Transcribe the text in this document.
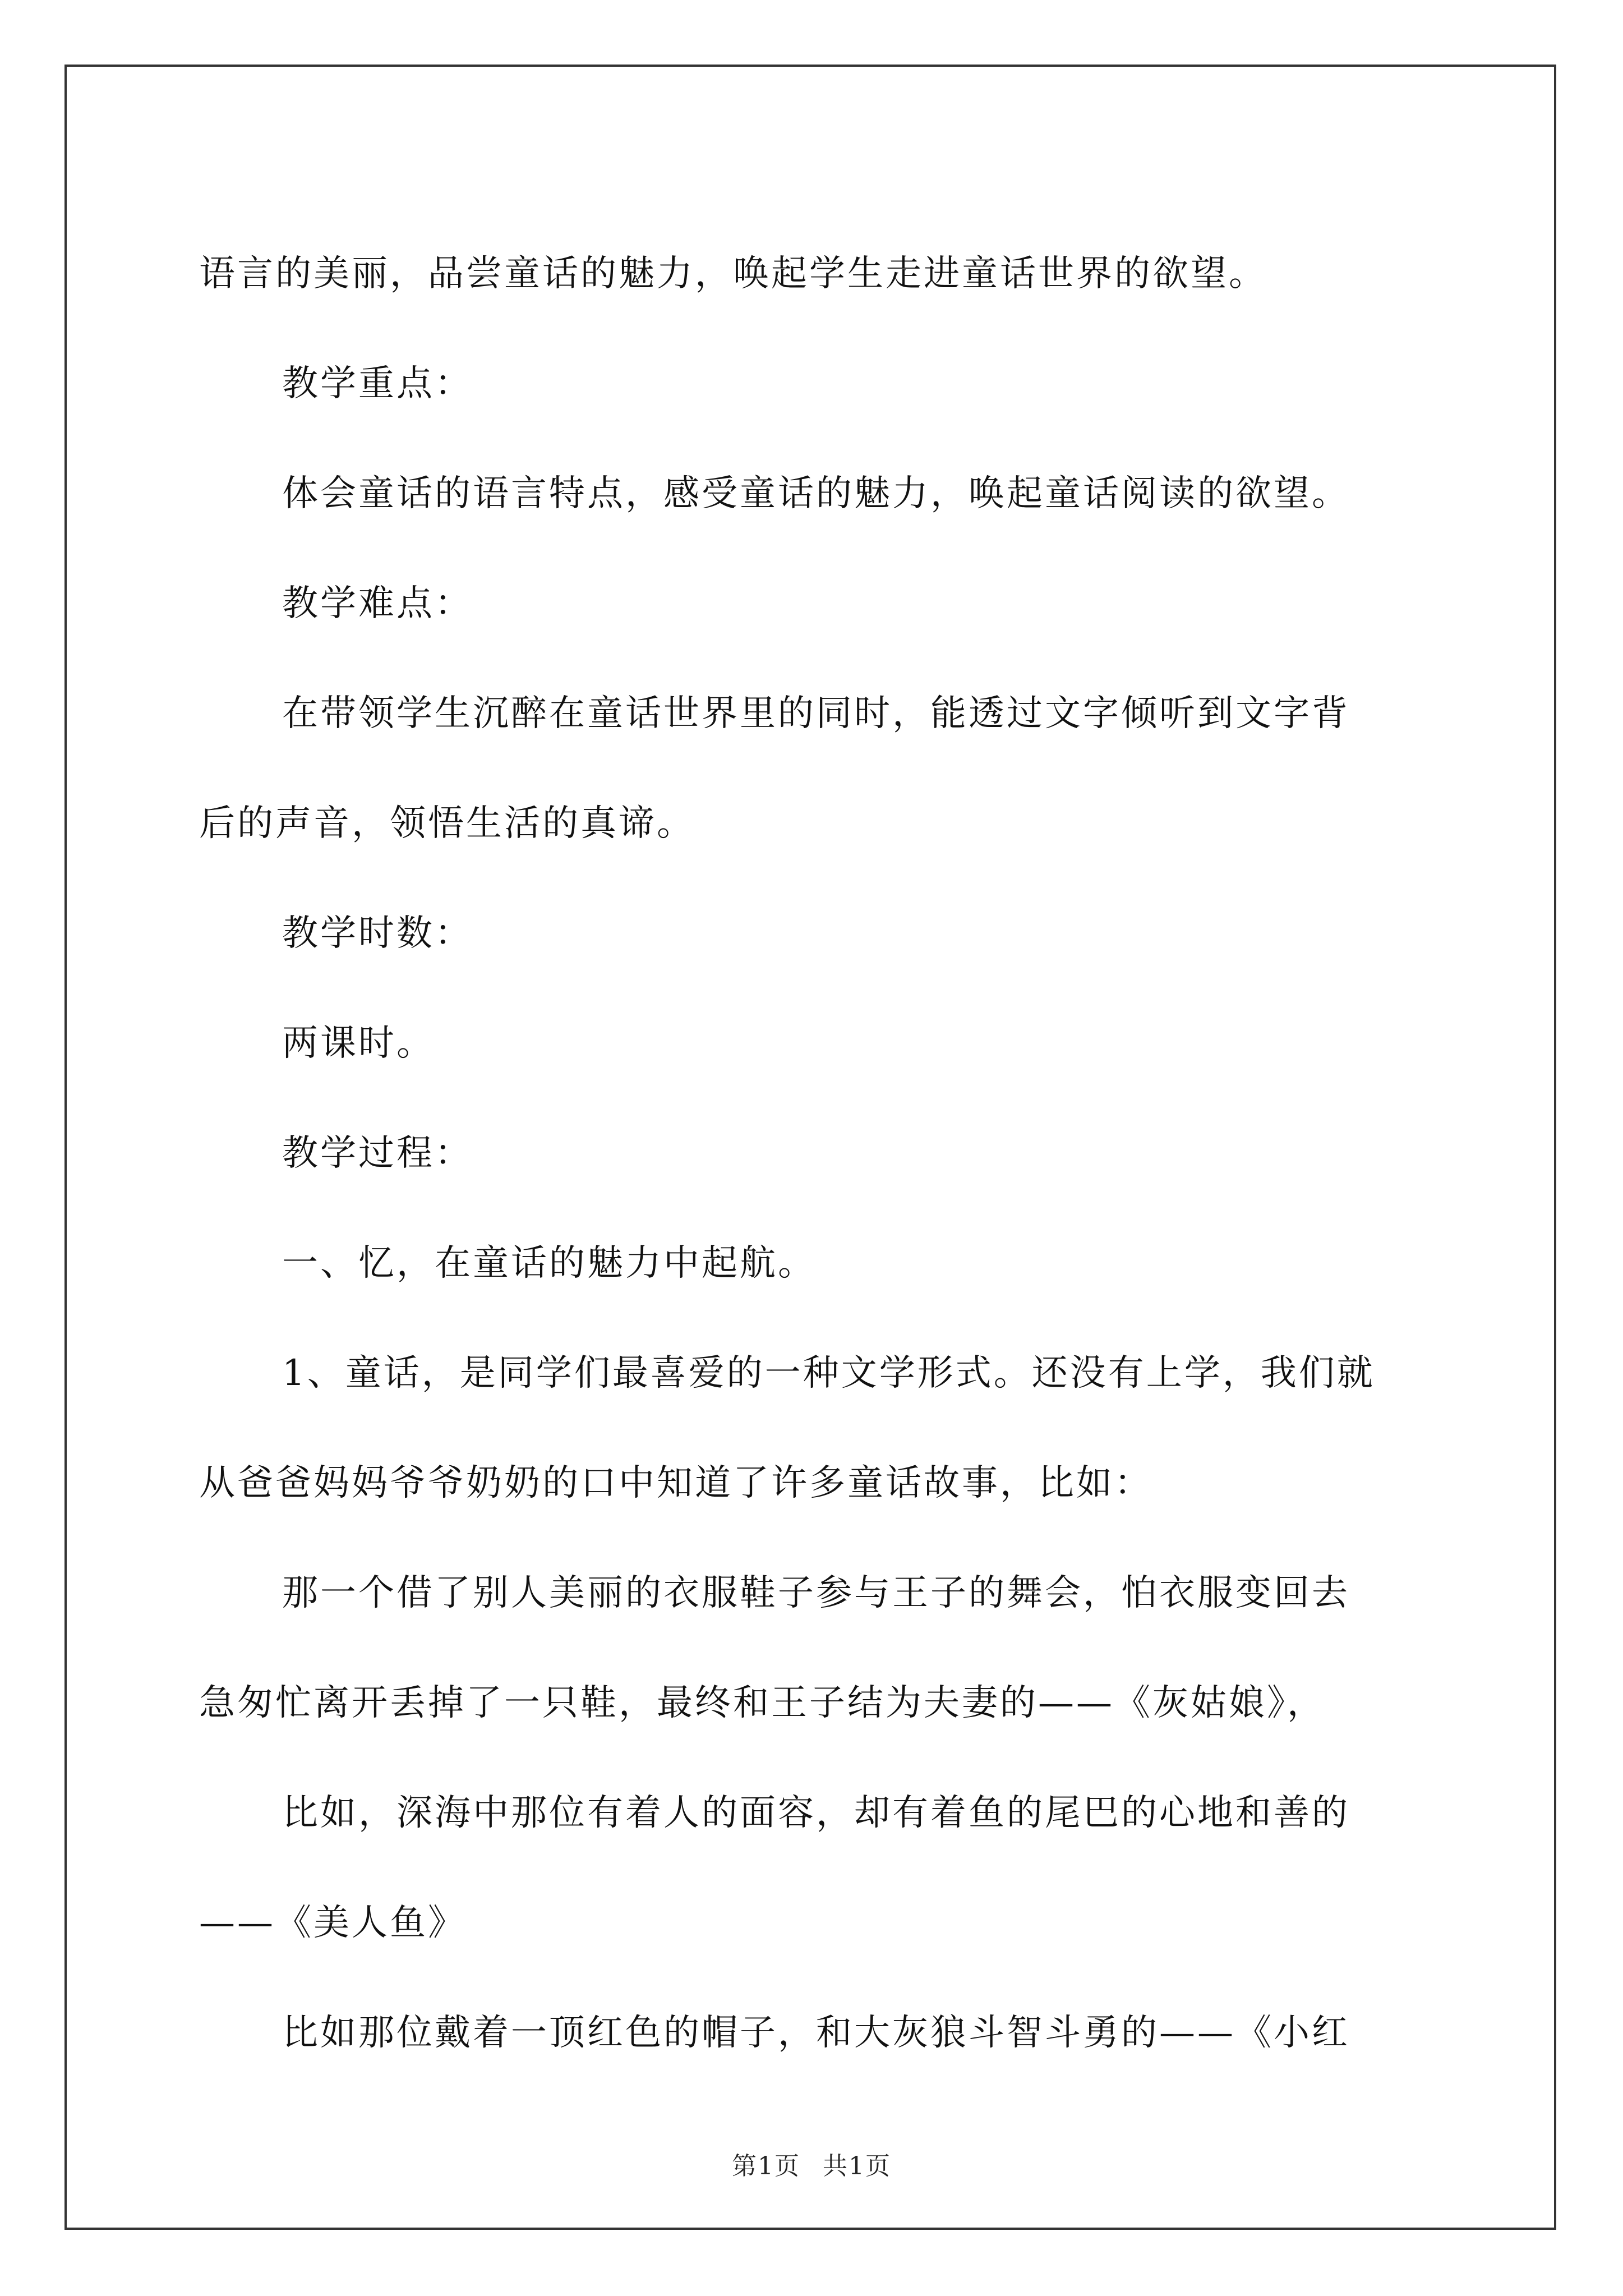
语言的美丽，品尝童话的魅力，唤起学生走进童话世界的欲望。
教学重点：
体会童话的语言特点，感受童话的魅力，唤起童话阅读的欲望。
教学难点：
在带领学生沉醉在童话世界里的同时，能透过文字倾听到文字背
后的声音，领悟生活的真谛。
教学时数：
两课时。
教学过程：
一、忆，在童话的魅力中起航。
1、童话，是同学们最喜爱的一种文学形式。还没有上学，我们就
从爸爸妈妈爷爷奶奶的口中知道了许多童话故事，比如：
那一个借了别人美丽的衣服鞋子参与王子的舞会，怕衣服变回去
急匆忙离开丢掉了一只鞋，最终和王子结为夫妻的——《灰姑娘》，
比如，深海中那位有着人的面容，却有着鱼的尾巴的心地和善的
——《美人鱼》
比如那位戴着一顶红色的帽子，和大灰狼斗智斗勇的——《小红
第1页 共1页
